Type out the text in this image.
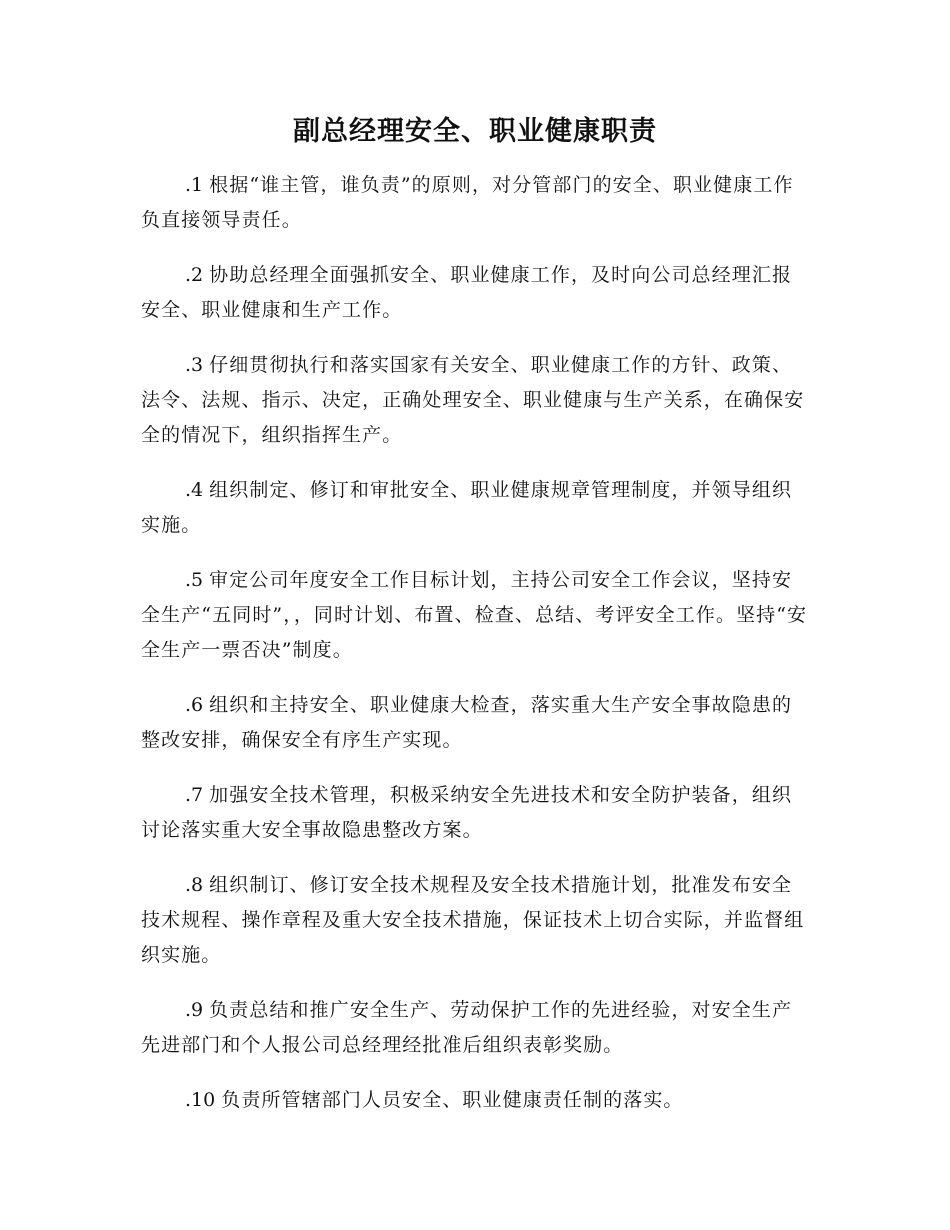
副总经理安全、职业健康职责

.1 根据“谁主管，谁负责”的原则，对分管部门的安全、职业健康工作负直接领导责任。

.2 协助总经理全面强抓安全、职业健康工作，及时向公司总经理汇报安全、职业健康和生产工作。

.3 仔细贯彻执行和落实国家有关安全、职业健康工作的方针、政策、法令、法规、指示、决定，正确处理安全、职业健康与生产关系，在确保安全的情况下，组织指挥生产。

.4 组织制定、修订和审批安全、职业健康规章管理制度，并领导组织实施。

.5 审定公司年度安全工作目标计划，主持公司安全工作会议，坚持安全生产“五同时”，，同时计划、布置、检查、总结、考评安全工作。坚持“安全生产一票否决”制度。

.6 组织和主持安全、职业健康大检查，落实重大生产安全事故隐患的整改安排，确保安全有序生产实现。

.7 加强安全技术管理，积极采纳安全先进技术和安全防护装备，组织讨论落实重大安全事故隐患整改方案。

.8 组织制订、修订安全技术规程及安全技术措施计划，批准发布安全技术规程、操作章程及重大安全技术措施，保证技术上切合实际，并监督组织实施。

.9 负责总结和推广安全生产、劳动保护工作的先进经验，对安全生产先进部门和个人报公司总经理经批准后组织表彰奖励。

.10 负责所管辖部门人员安全、职业健康责任制的落实。
